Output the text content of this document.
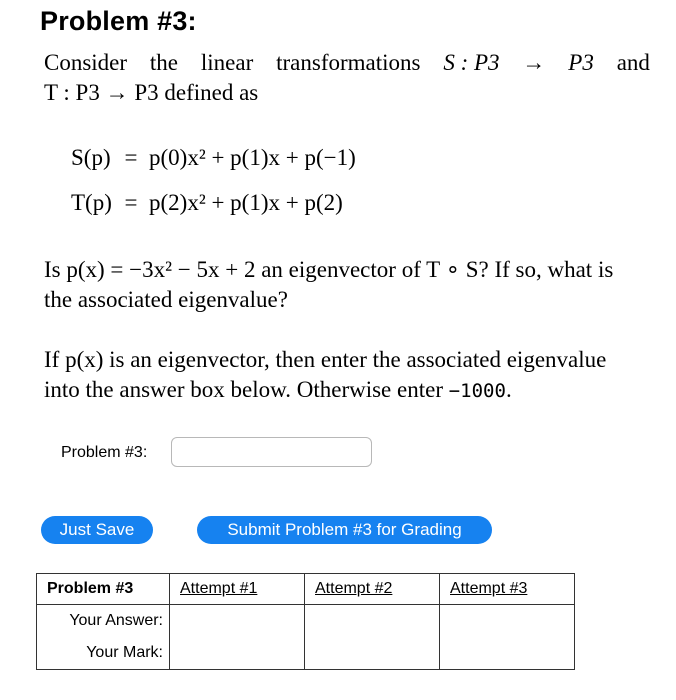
Problem #3:
Consider the linear transformations S : P3 → P3 and
T : P3 → P3 defined as
S(p) = p(0)x² + p(1)x + p(−1)
T(p) = p(2)x² + p(1)x + p(2)
Is p(x) = −3x² − 5x + 2 an eigenvector of T ∘ S? If so, what is
the associated eigenvalue?
If p(x) is an eigenvector, then enter the associated eigenvalue
into the answer box below. Otherwise enter −1000.
Problem #3:
Just Save	Submit Problem #3 for Grading
Problem #3	Attempt #1	Attempt #2	Attempt #3
Your Answer:			
Your Mark:			
